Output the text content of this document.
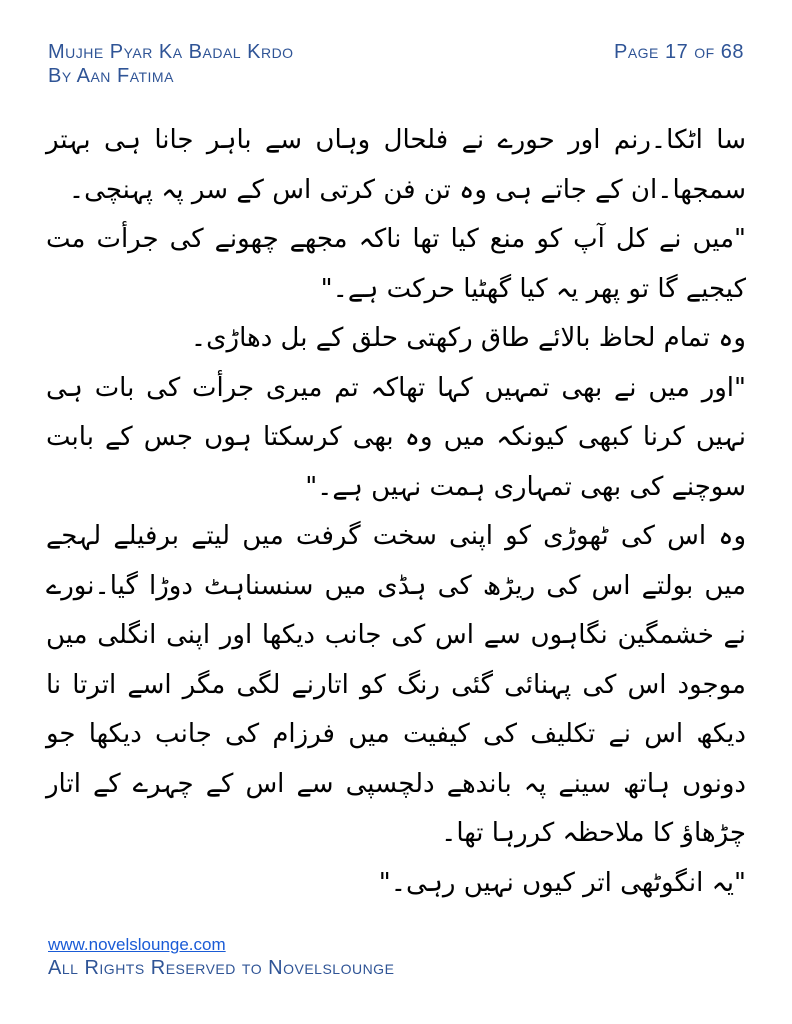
Mujhe Pyar Ka Badal Krdo
By Aan Fatima
Page 17 of 68

سا اٹکا۔رنم اور حورے نے فلحال وہاں سے باہر جانا ہی بہتر سمجھا۔ان کے جاتے ہی وہ تن فن کرتی اس کے سر پہ پہنچی۔

"میں نے کل آپ کو منع کیا تھا ناکہ مجھے چھونے کی جرأت مت کیجیے گا تو پھر یہ کیا گھٹیا حرکت ہے۔"

وہ تمام لحاظ بالائے طاق رکھتی حلق کے بل دھاڑی۔

"اور میں نے بھی تمہیں کہا تھاکہ تم میری جرأت کی بات ہی نہیں کرنا کبھی کیونکہ میں وہ بھی کرسکتا ہوں جس کے بابت سوچنے کی بھی تمہاری ہمت نہیں ہے۔"

وہ اس کی ٹھوڑی کو اپنی سخت گرفت میں لیتے برفیلے لہجے میں بولتے اس کی ریڑھ کی ہڈی میں سنسناہٹ دوڑا گیا۔نورے نے خشمگین نگاہوں سے اس کی جانب دیکھا اور اپنی انگلی میں موجود اس کی پہنائی گئی رنگ کو اتارنے لگی مگر اسے اترتا نا دیکھ اس نے تکلیف کی کیفیت میں فرزام کی جانب دیکھا جو دونوں ہاتھ سینے پہ باندھے دلچسپی سے اس کے چہرے کے اتار چڑھاؤ کا ملاحظہ کررہا تھا۔

"یہ انگوٹھی اتر کیوں نہیں رہی۔"

www.novelslounge.com
All Rights Reserved to Novelslounge
